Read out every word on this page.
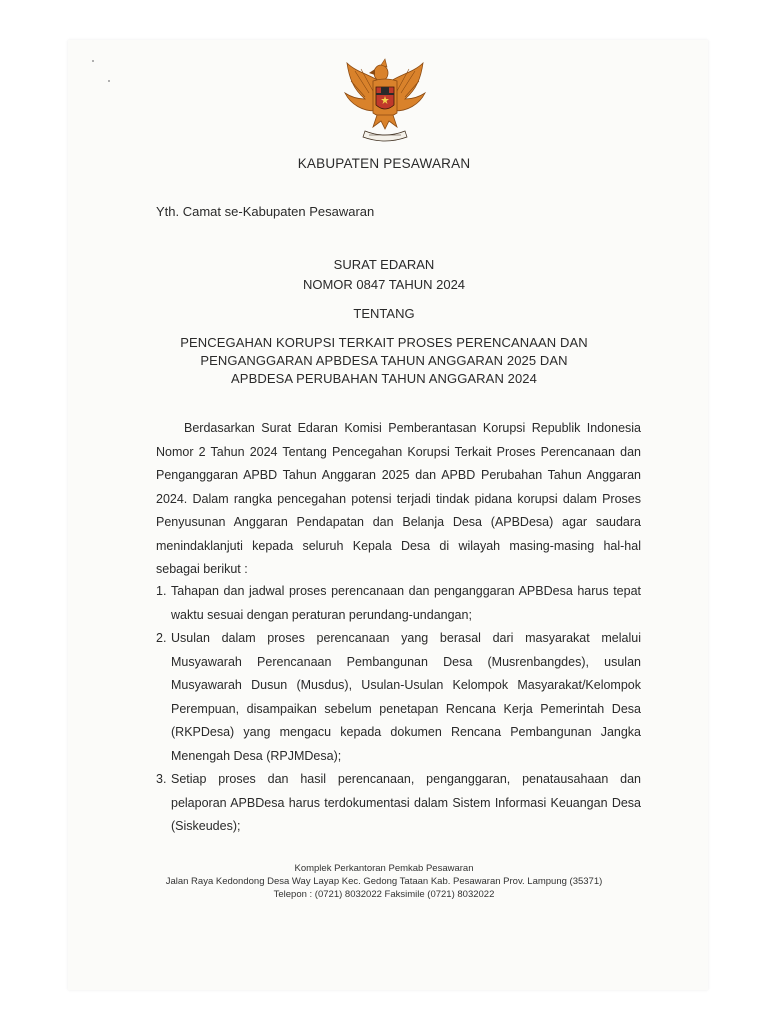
KABUPATEN PESAWARAN
Yth. Camat se-Kabupaten Pesawaran
SURAT EDARAN
NOMOR 0847 TAHUN 2024
TENTANG
PENCEGAHAN KORUPSI TERKAIT PROSES PERENCANAAN DAN
PENGANGGARAN APBDESA TAHUN ANGGARAN 2025 DAN
APBDESA PERUBAHAN TAHUN ANGGARAN 2024
Berdasarkan Surat Edaran Komisi Pemberantasan Korupsi Republik Indonesia Nomor 2 Tahun 2024 Tentang Pencegahan Korupsi Terkait Proses Perencanaan dan Penganggaran APBD Tahun Anggaran 2025 dan APBD Perubahan Tahun Anggaran 2024. Dalam rangka pencegahan potensi terjadi tindak pidana korupsi dalam Proses Penyusunan Anggaran Pendapatan dan Belanja Desa (APBDesa) agar saudara menindaklanjuti kepada seluruh Kepala Desa di wilayah masing-masing hal-hal sebagai berikut :
1. Tahapan dan jadwal proses perencanaan dan penganggaran APBDesa harus tepat waktu sesuai dengan peraturan perundang-undangan;
2. Usulan dalam proses perencanaan yang berasal dari masyarakat melalui Musyawarah Perencanaan Pembangunan Desa (Musrenbangdes), usulan Musyawarah Dusun (Musdus), Usulan-Usulan Kelompok Masyarakat/Kelompok Perempuan, disampaikan sebelum penetapan Rencana Kerja Pemerintah Desa (RKPDesa) yang mengacu kepada dokumen Rencana Pembangunan Jangka Menengah Desa (RPJMDesa);
3. Setiap proses dan hasil perencanaan, penganggaran, penatausahaan dan pelaporan APBDesa harus terdokumentasi dalam Sistem Informasi Keuangan Desa (Siskeudes);
Komplek Perkantoran Pemkab Pesawaran
Jalan Raya Kedondong Desa Way Layap Kec. Gedong Tataan Kab. Pesawaran Prov. Lampung (35371)
Telepon : (0721) 8032022 Faksimile (0721) 8032022
